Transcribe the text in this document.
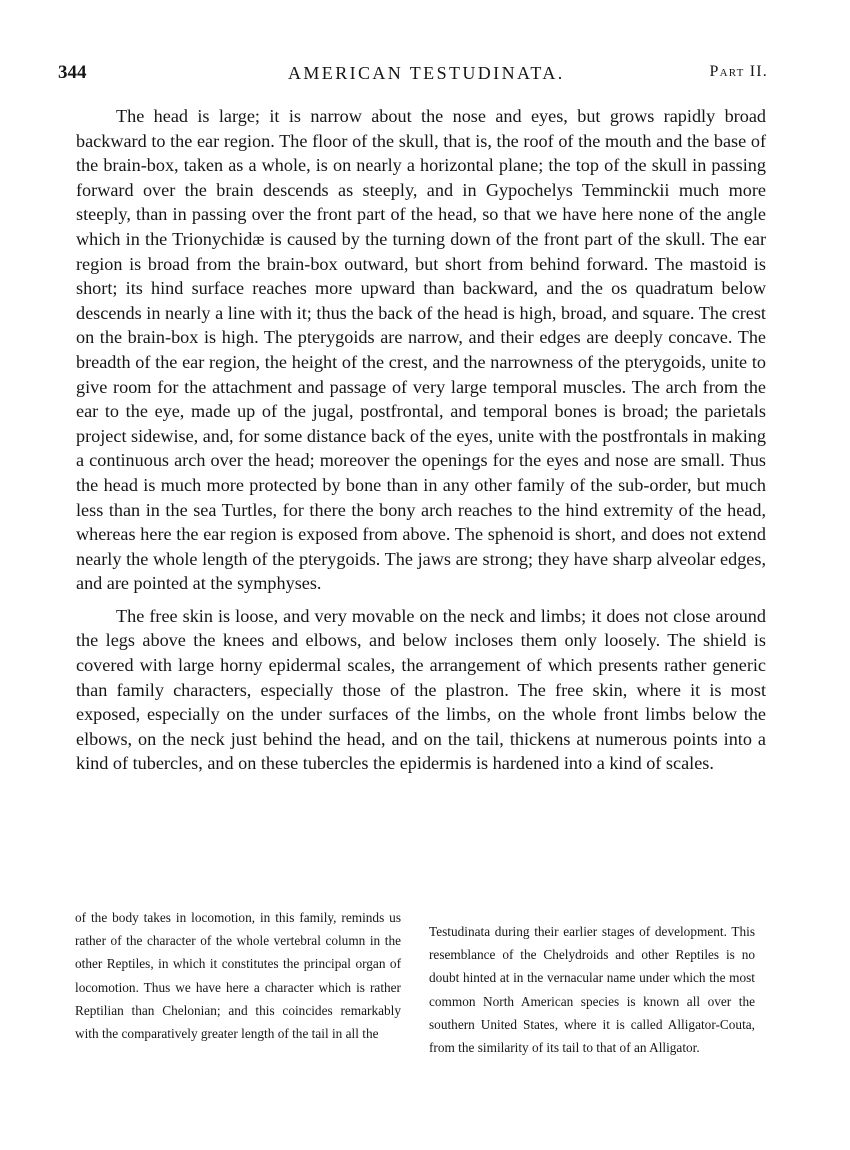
344	AMERICAN TESTUDINATA.	Part II.

The head is large; it is narrow about the nose and eyes, but grows rapidly broad backward to the ear region. The floor of the skull, that is, the roof of the mouth and the base of the brain-box, taken as a whole, is on nearly a horizontal plane; the top of the skull in passing forward over the brain descends as steeply, and in Gypochelys Temminckii much more steeply, than in passing over the front part of the head, so that we have here none of the angle which in the Trionychidæ is caused by the turning down of the front part of the skull. The ear region is broad from the brain-box outward, but short from behind forward. The mastoid is short; its hind surface reaches more upward than backward, and the os quadratum below descends in nearly a line with it; thus the back of the head is high, broad, and square. The crest on the brain-box is high. The pterygoids are narrow, and their edges are deeply concave. The breadth of the ear region, the height of the crest, and the narrowness of the pterygoids, unite to give room for the attachment and passage of very large temporal muscles. The arch from the ear to the eye, made up of the jugal, postfrontal, and temporal bones is broad; the parietals project sidewise, and, for some distance back of the eyes, unite with the postfrontals in making a continuous arch over the head; moreover the openings for the eyes and nose are small. Thus the head is much more protected by bone than in any other family of the sub-order, but much less than in the sea Turtles, for there the bony arch reaches to the hind extremity of the head, whereas here the ear region is exposed from above. The sphenoid is short, and does not extend nearly the whole length of the pterygoids. The jaws are strong; they have sharp alveolar edges, and are pointed at the symphyses.

The free skin is loose, and very movable on the neck and limbs; it does not close around the legs above the knees and elbows, and below incloses them only loosely. The shield is covered with large horny epidermal scales, the arrangement of which presents rather generic than family characters, especially those of the plastron. The free skin, where it is most exposed, especially on the under surfaces of the limbs, on the whole front limbs below the elbows, on the neck just behind the head, and on the tail, thickens at numerous points into a kind of tubercles, and on these tubercles the epidermis is hardened into a kind of scales.

of the body takes in locomotion, in this family, reminds us rather of the character of the whole vertebral column in the other Reptiles, in which it constitutes the principal organ of locomotion. Thus we have here a character which is rather Reptilian than Chelonian; and this coincides remarkably with the comparatively greater length of the tail in all the
Testudinata during their earlier stages of development. This resemblance of the Chelydroids and other Reptiles is no doubt hinted at in the vernacular name under which the most common North American species is known all over the southern United States, where it is called Alligator-Couta, from the similarity of its tail to that of an Alligator.
